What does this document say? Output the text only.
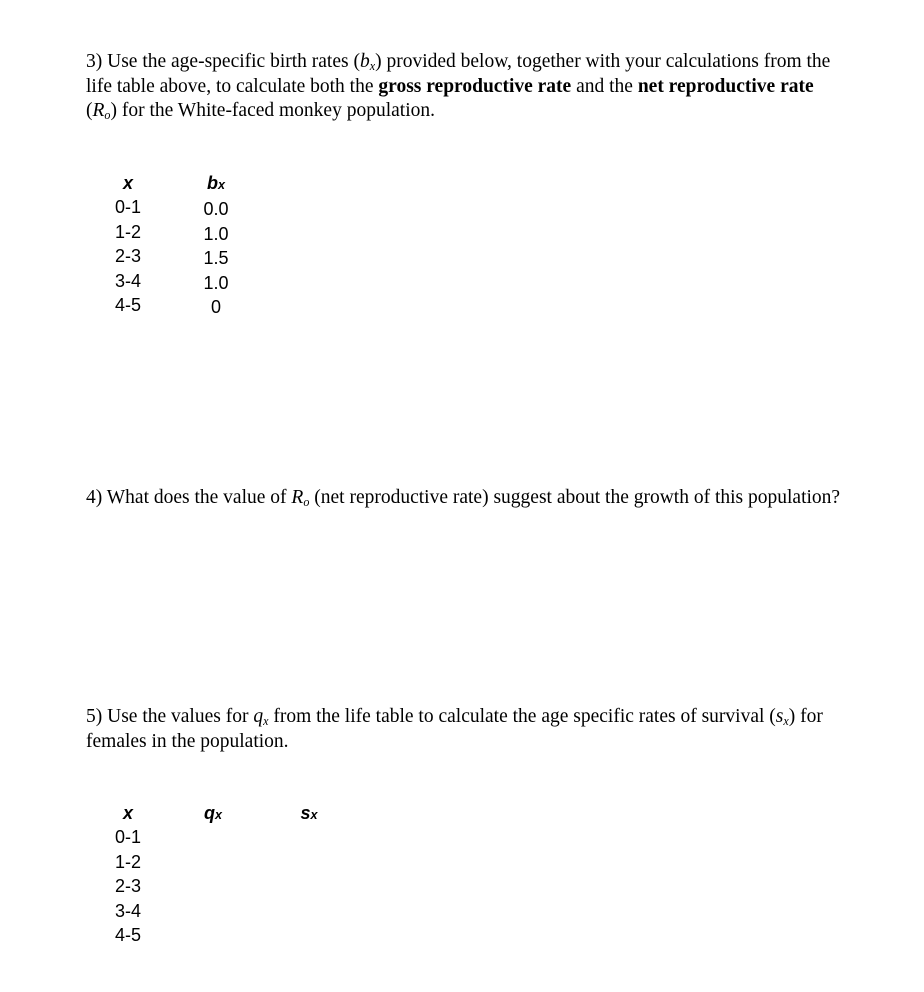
3) Use the age-specific birth rates $(b_x)$ provided below, together with your calculations from the life table above, to calculate both the gross reproductive rate and the net reproductive rate $(R_o)$ for the White-faced monkey population.
x
0-1
1-2
2-3
3-4
4-5
bx
0.0
1.0
1.5
1.0
0
4) What does the value of $R_o$ (net reproductive rate) suggest about the growth of this population?
5) Use the values for $q_x$ from the life table to calculate the age specific rates of survival $(s_x)$ for females in the population.
x
0-1
1-2
2-3
3-4
4-5
qx	sx
